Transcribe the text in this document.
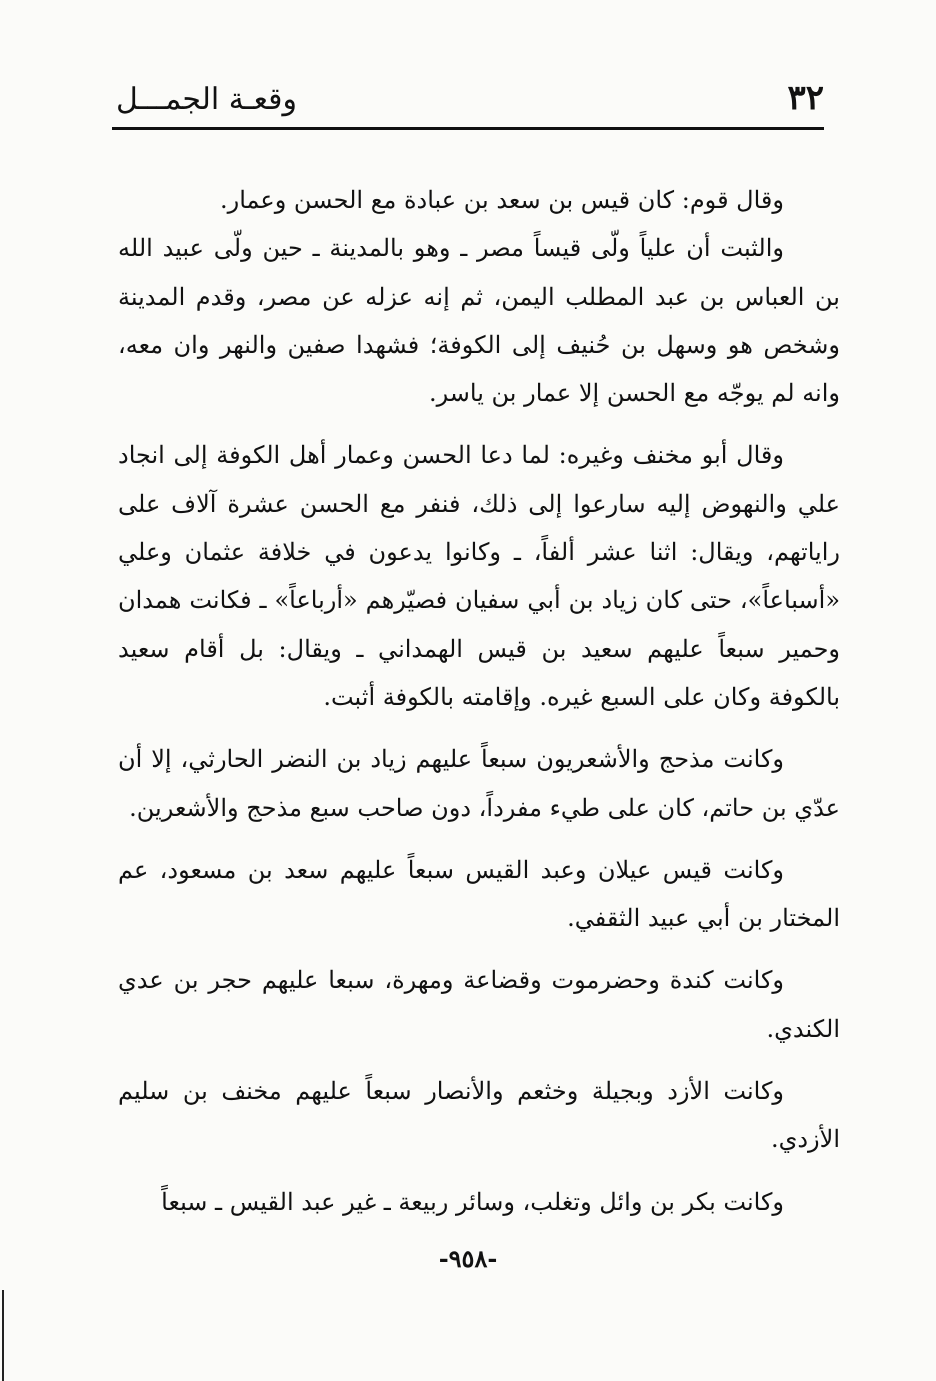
وقعـة الجمـــل	٣٢

وقال قوم: كان قيس بن سعد بن عبادة مع الحسن وعمار.

والثبت أن علياً ولّى قيساً مصر ـ وهو بالمدينة ـ حين ولّى عبيد الله بن العباس بن عبد المطلب اليمن، ثم إنه عزله عن مصر، وقدم المدينة وشخص هو وسهل بن حُنيف إلى الكوفة؛ فشهدا صفين والنهر وان معه، وانه لم يوجّه مع الحسن إلا عمار بن ياسر.

وقال أبو مخنف وغيره: لما دعا الحسن وعمار أهل الكوفة إلى انجاد علي والنهوض إليه سارعوا إلى ذلك، فنفر مع الحسن عشرة آلاف على راياتهم، ويقال: اثنا عشر ألفاً، ـ وكانوا يدعون في خلافة عثمان وعلي «أسباعاً»، حتى كان زياد بن أبي سفيان فصيّرهم «أرباعاً» ـ فكانت همدان وحمير سبعاً عليهم سعيد بن قيس الهمداني ـ ويقال: بل أقام سعيد بالكوفة وكان على السبع غيره. وإقامته بالكوفة أثبت.

وكانت مذحج والأشعريون سبعاً عليهم زياد بن النضر الحارثي، إلا أن عدّي بن حاتم، كان على طيء مفرداً، دون صاحب سبع مذحج والأشعرين.

وكانت قيس عيلان وعبد القيس سبعاً عليهم سعد بن مسعود، عم المختار بن أبي عبيد الثقفي.

وكانت كندة وحضرموت وقضاعة ومهرة، سبعا عليهم حجر بن عدي الكندي.

وكانت الأزد وبجيلة وخثعم والأنصار سبعاً عليهم مخنف بن سليم الأزدي.

وكانت بكر بن وائل وتغلب، وسائر ربيعة ـ غير عبد القيس ـ سبعاً

-٩٥٨-
